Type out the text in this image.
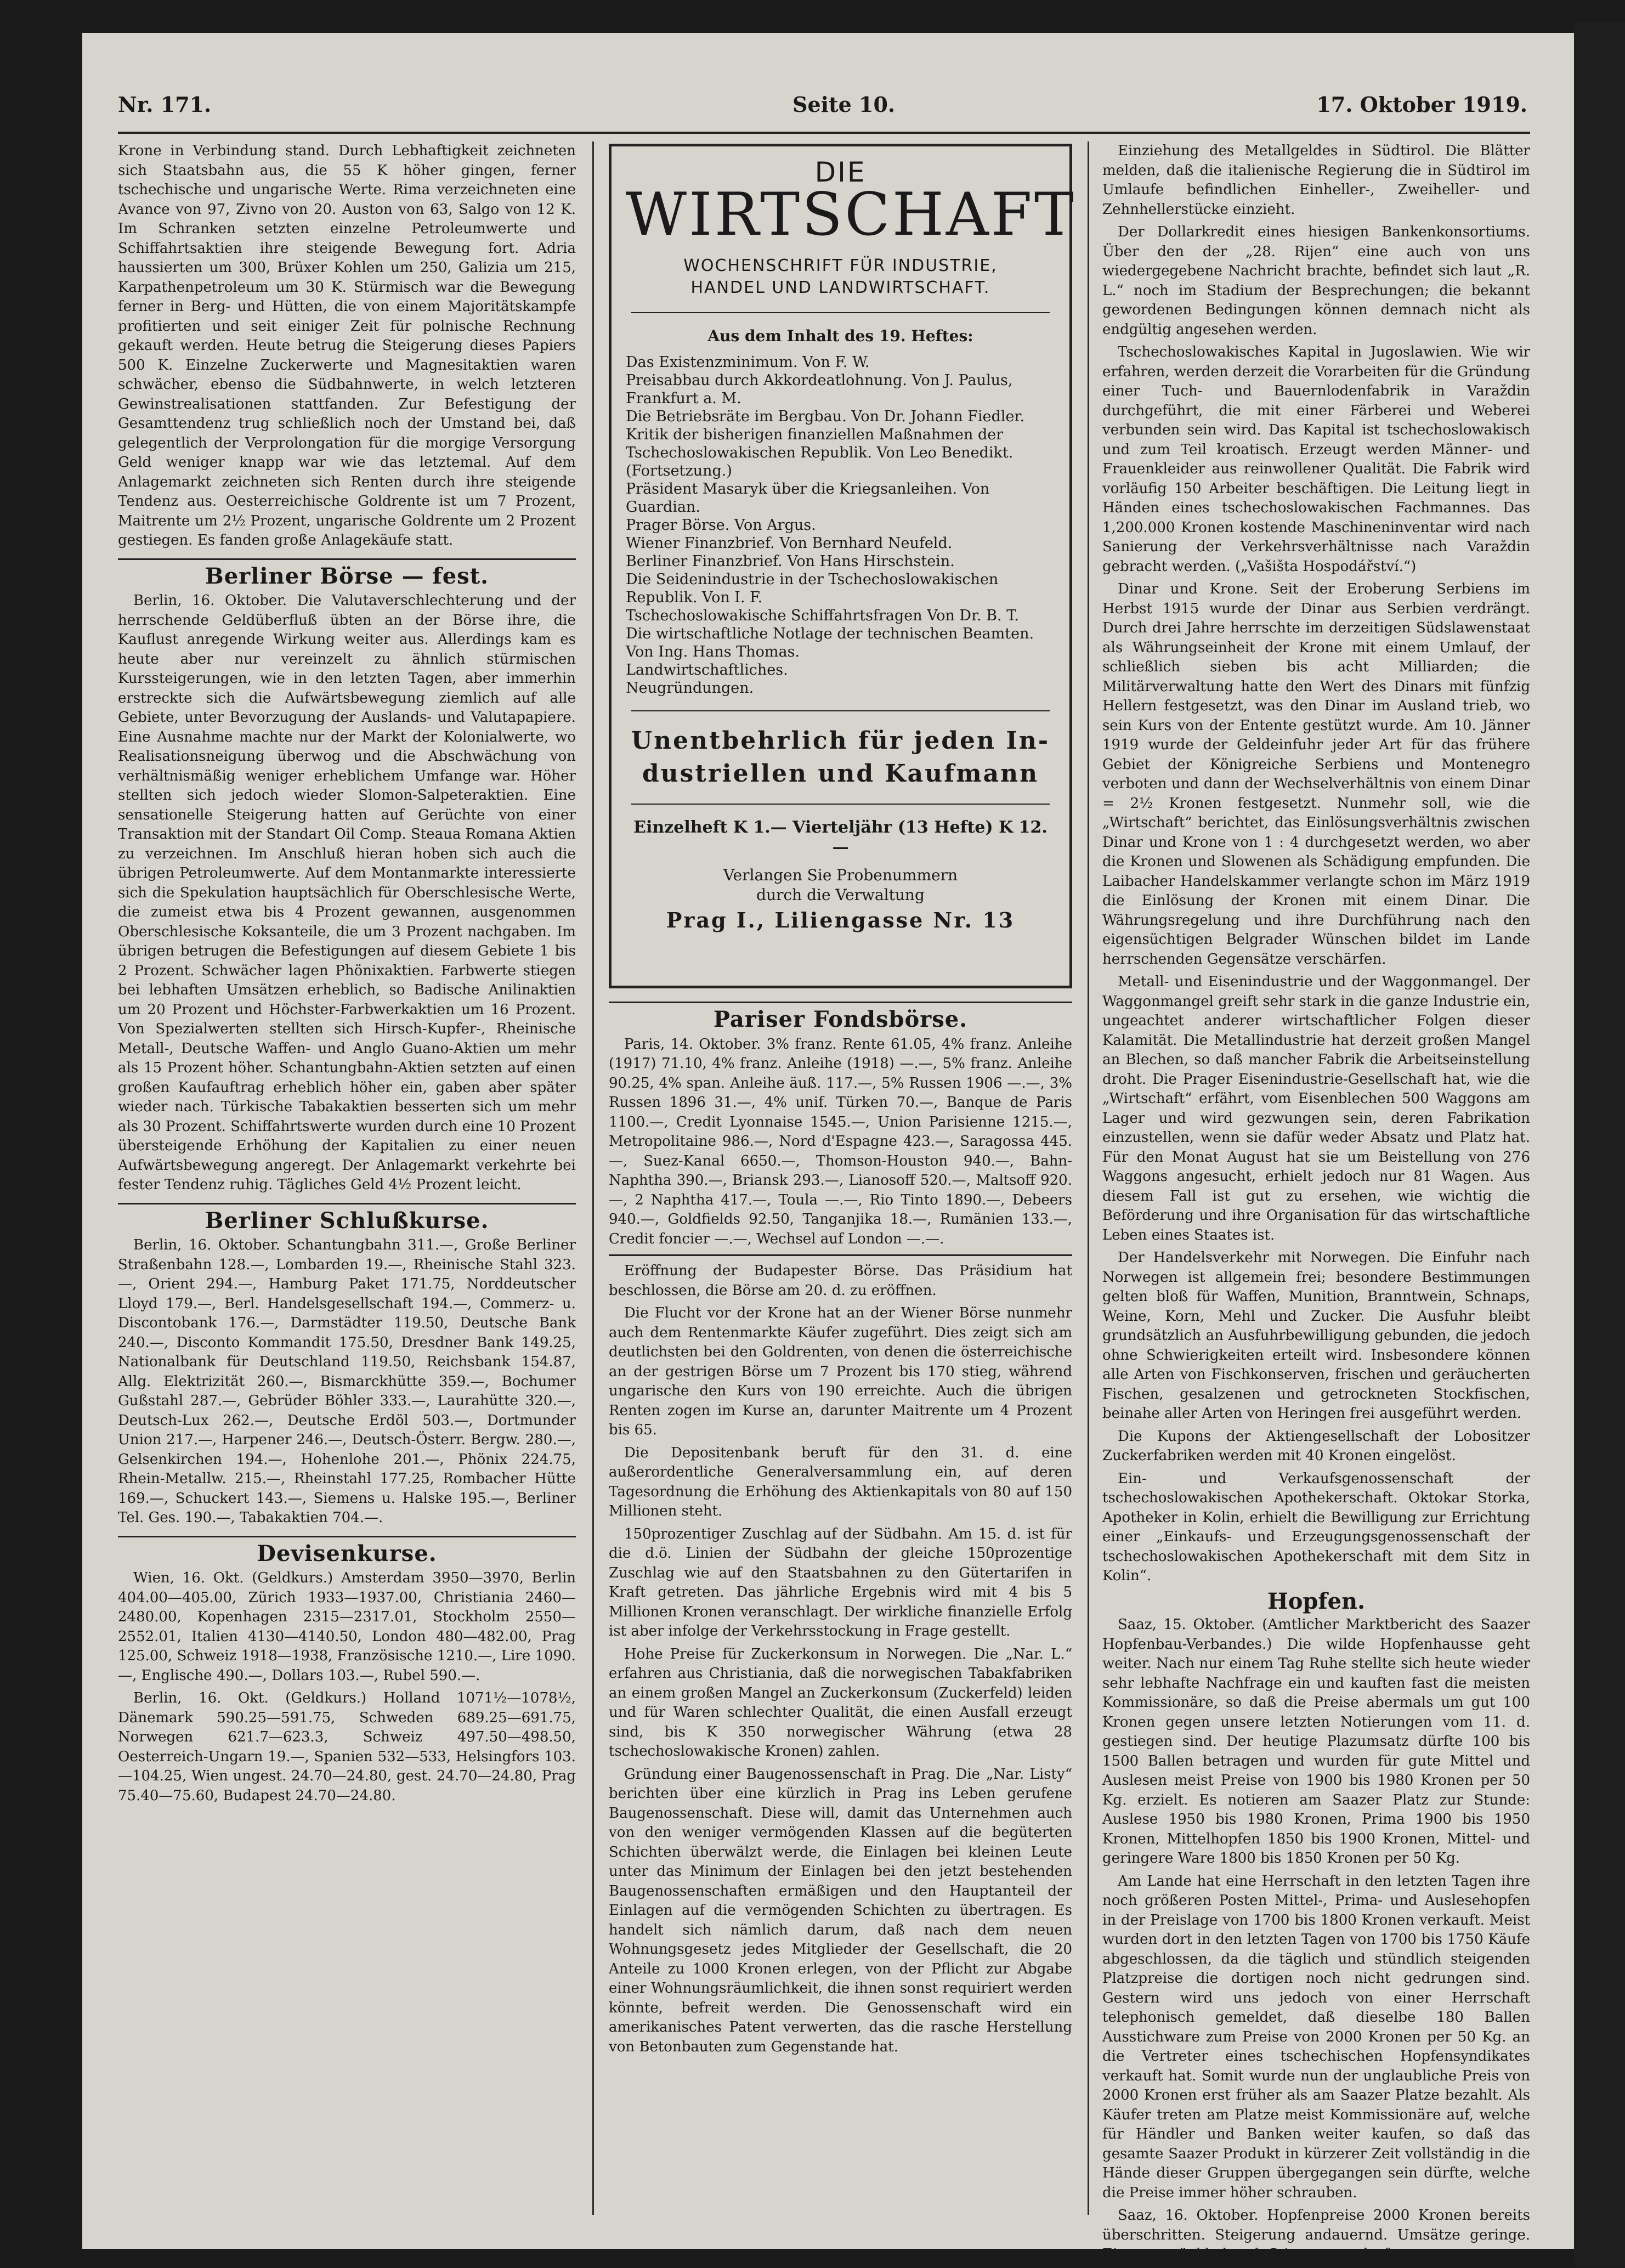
Nr. 171.	Seite 10.	17. Oktober 1919.

Krone in Verbindung stand. Durch Lebhaftigkeit zeichneten sich Staatsbahn aus, die 55 K höher gingen, ferner tschechische und ungarische Werte. Rima verzeichneten eine Avance von 97, Zivno von 20. Auston von 63, Salgo von 12 K. Im Schranken setzten einzelne Petroleumwerte und Schiffahrtsaktien ihre steigende Bewegung fort. Adria haussierten um 300, Brüxer Kohlen um 250, Galizia um 215, Karpathenpetroleum um 30 K. Stürmisch war die Bewegung ferner in Berg- und Hütten, die von einem Majoritätskampfe profitierten und seit einiger Zeit für polnische Rechnung gekauft werden. Heute betrug die Steigerung dieses Papiers 500 K. Einzelne Zuckerwerte und Magnesitaktien waren schwächer, ebenso die Südbahnwerte, in welch letzteren Gewinstrealisationen stattfanden. Zur Befestigung der Gesamttendenz trug schließlich noch der Umstand bei, daß gelegentlich der Verprolongation für die morgige Versorgung Geld weniger knapp war wie das letztemal. Auf dem Anlagemarkt zeichneten sich Renten durch ihre steigende Tendenz aus. Oesterreichische Goldrente ist um 7 Prozent, Maitrente um 2½ Prozent, ungarische Goldrente um 2 Prozent gestiegen. Es fanden große Anlagekäufe statt.

Berliner Börse — fest.

Berlin, 16. Oktober. Die Valutaverschlechterung und der herrschende Geldüberfluß übten an der Börse ihre, die Kauflust anregende Wirkung weiter aus. Allerdings kam es heute aber nur vereinzelt zu ähnlich stürmischen Kurssteigerungen, wie in den letzten Tagen, aber immerhin erstreckte sich die Aufwärtsbewegung ziemlich auf alle Gebiete, unter Bevorzugung der Auslands- und Valutapapiere. Eine Ausnahme machte nur der Markt der Kolonialwerte, wo Realisationsneigung überwog und die Abschwächung von verhältnismäßig weniger erheblichem Umfange war. Höher stellten sich jedoch wieder Slomon-Salpeteraktien. Eine sensationelle Steigerung hatten auf Gerüchte von einer Transaktion mit der Standart Oil Comp. Steaua Romana Aktien zu verzeichnen. Im Anschluß hieran hoben sich auch die übrigen Petroleumwerte. Auf dem Montanmarkte interessierte sich die Spekulation hauptsächlich für Oberschlesische Werte, die zumeist etwa bis 4 Prozent gewannen, ausgenommen Oberschlesische Koksanteile, die um 3 Prozent nachgaben. Im übrigen betrugen die Befestigungen auf diesem Gebiete 1 bis 2 Prozent. Schwächer lagen Phönixaktien. Farbwerte stiegen bei lebhaften Umsätzen erheblich, so Badische Anilinaktien um 20 Prozent und Höchster-Farbwerkaktien um 16 Prozent. Von Spezialwerten stellten sich Hirsch-Kupfer-, Rheinische Metall-, Deutsche Waffen- und Anglo Guano-Aktien um mehr als 15 Prozent höher. Schantungbahn-Aktien setzten auf einen großen Kaufauftrag erheblich höher ein, gaben aber später wieder nach. Türkische Tabakaktien besserten sich um mehr als 30 Prozent. Schiffahrtswerte wurden durch eine 10 Prozent übersteigende Erhöhung der Kapitalien zu einer neuen Aufwärtsbewegung angeregt. Der Anlagemarkt verkehrte bei fester Tendenz ruhig. Tägliches Geld 4½ Prozent leicht.

Berliner Schlußkurse.

Berlin, 16. Oktober. Schantungbahn 311.—, Große Berliner Straßenbahn 128.—, Lombarden 19.—, Rheinische Stahl 323.—, Orient 294.—, Hamburg Paket 171.75, Norddeutscher Lloyd 179.—, Berl. Handelsgesellschaft 194.—, Commerz- u. Discontobank 176.—, Darmstädter 119.50, Deutsche Bank 240.—, Disconto Kommandit 175.50, Dresdner Bank 149.25, Nationalbank für Deutschland 119.50, Reichsbank 154.87, Allg. Elektrizität 260.—, Bismarckhütte 359.—, Bochumer Gußstahl 287.—, Gebrüder Böhler 333.—, Laurahütte 320.—, Deutsch-Lux 262.—, Deutsche Erdöl 503.—, Dortmunder Union 217.—, Harpener 246.—, Deutsch-Österr. Bergw. 280.—, Gelsenkirchen 194.—, Hohenlohe 201.—, Phönix 224.75, Rhein-Metallw. 215.—, Rheinstahl 177.25, Rombacher Hütte 169.—, Schuckert 143.—, Siemens u. Halske 195.—, Berliner Tel. Ges. 190.—, Tabakaktien 704.—.

Devisenkurse.

Wien, 16. Okt. (Geldkurs.) Amsterdam 3950—3970, Berlin 404.00—405.00, Zürich 1933—1937.00, Christiania 2460—2480.00, Kopenhagen 2315—2317.01, Stockholm 2550—2552.01, Italien 4130—4140.50, London 480—482.00, Prag 125.00, Schweiz 1918—1938, Französische 1210.—, Lire 1090.—, Englische 490.—, Dollars 103.—, Rubel 590.—.

Berlin, 16. Okt. (Geldkurs.) Holland 1071½—1078½, Dänemark 590.25—591.75, Schweden 689.25—691.75, Norwegen 621.7—623.3, Schweiz 497.50—498.50, Oesterreich-Ungarn 19.—, Spanien 532—533, Helsingfors 103.—104.25, Wien ungest. 24.70—24.80, gest. 24.70—24.80, Prag 75.40—75.60, Budapest 24.70—24.80.

DIE
WIRTSCHAFT
WOCHENSCHRIFT FÜR INDUSTRIE,
HANDEL UND LANDWIRTSCHAFT.
Aus dem Inhalt des 19. Heftes:
Das Existenzminimum. Von F. W.
Preisabbau durch Akkordeatlohnung. Von J. Paulus, Frankfurt a. M.
Die Betriebsräte im Bergbau. Von Dr. Johann Fiedler.
Kritik der bisherigen finanziellen Maßnahmen der Tschechoslowakischen Republik. Von Leo Benedikt. (Fortsetzung.)
Präsident Masaryk über die Kriegsanleihen. Von Guardian.
Prager Börse. Von Argus.
Wiener Finanzbrief. Von Bernhard Neufeld.
Berliner Finanzbrief. Von Hans Hirschstein.
Die Seidenindustrie in der Tschechoslowakischen Republik. Von I. F.
Tschechoslowakische Schiffahrtsfragen Von Dr. B. T.
Die wirtschaftliche Notlage der technischen Beamten. Von Ing. Hans Thomas.
Landwirtschaftliches.
Neugründungen.
Unentbehrlich für jeden In-
dustriellen und Kaufmann
Einzelheft K 1.— Vierteljähr (13 Hefte) K 12.—
Verlangen Sie Probenummern
durch die Verwaltung
Prag I., Liliengasse Nr. 13
Pariser Fondsbörse.

Paris, 14. Oktober. 3% franz. Rente 61.05, 4% franz. Anleihe (1917) 71.10, 4% franz. Anleihe (1918) —.—, 5% franz. Anleihe 90.25, 4% span. Anleihe äuß. 117.—, 5% Russen 1906 —.—, 3% Russen 1896 31.—, 4% unif. Türken 70.—, Banque de Paris 1100.—, Credit Lyonnaise 1545.—, Union Parisienne 1215.—, Metropolitaine 986.—, Nord d'Espagne 423.—, Saragossa 445.—, Suez-Kanal 6650.—, Thomson-Houston 940.—, Bahn-Naphtha 390.—, Briansk 293.—, Lianosoff 520.—, Maltsoff 920.—, 2 Naphtha 417.—, Toula —.—, Rio Tinto 1890.—, Debeers 940.—, Goldfields 92.50, Tanganjika 18.—, Rumänien 133.—, Credit foncier —.—, Wechsel auf London —.—.

Eröffnung der Budapester Börse. Das Präsidium hat beschlossen, die Börse am 20. d. zu eröffnen.

Die Flucht vor der Krone hat an der Wiener Börse nunmehr auch dem Rentenmarkte Käufer zugeführt. Dies zeigt sich am deutlichsten bei den Goldrenten, von denen die österreichische an der gestrigen Börse um 7 Prozent bis 170 stieg, während ungarische den Kurs von 190 erreichte. Auch die übrigen Renten zogen im Kurse an, darunter Maitrente um 4 Prozent bis 65.

Die Depositenbank beruft für den 31. d. eine außerordentliche Generalversammlung ein, auf deren Tagesordnung die Erhöhung des Aktienkapitals von 80 auf 150 Millionen steht.

150prozentiger Zuschlag auf der Südbahn. Am 15. d. ist für die d.ö. Linien der Südbahn der gleiche 150prozentige Zuschlag wie auf den Staatsbahnen zu den Gütertarifen in Kraft getreten. Das jährliche Ergebnis wird mit 4 bis 5 Millionen Kronen veranschlagt. Der wirkliche finanzielle Erfolg ist aber infolge der Verkehrsstockung in Frage gestellt.

Hohe Preise für Zuckerkonsum in Norwegen. Die „Nar. L.“ erfahren aus Christiania, daß die norwegischen Tabakfabriken an einem großen Mangel an Zuckerkonsum (Zuckerfeld) leiden und für Waren schlechter Qualität, die einen Ausfall erzeugt sind, bis K 350 norwegischer Währung (etwa 28 tschechoslowakische Kronen) zahlen.

Gründung einer Baugenossenschaft in Prag. Die „Nar. Listy“ berichten über eine kürzlich in Prag ins Leben gerufene Baugenossenschaft. Diese will, damit das Unternehmen auch von den weniger vermögenden Klassen auf die begüterten Schichten überwälzt werde, die Einlagen bei kleinen Leute unter das Minimum der Einlagen bei den jetzt bestehenden Baugenossenschaften ermäßigen und den Hauptanteil der Einlagen auf die vermögenden Schichten zu übertragen. Es handelt sich nämlich darum, daß nach dem neuen Wohnungsgesetz jedes Mitglieder der Gesellschaft, die 20 Anteile zu 1000 Kronen erlegen, von der Pflicht zur Abgabe einer Wohnungsräumlichkeit, die ihnen sonst requiriert werden könnte, befreit werden. Die Genossenschaft wird ein amerikanisches Patent verwerten, das die rasche Herstellung von Betonbauten zum Gegenstande hat.

Einziehung des Metallgeldes in Südtirol. Die Blätter melden, daß die italienische Regierung die in Südtirol im Umlaufe befindlichen Einheller-, Zweiheller- und Zehnhellerstücke einzieht.

Der Dollarkredit eines hiesigen Bankenkonsortiums. Über den der „28. Rijen“ eine auch von uns wiedergegebene Nachricht brachte, befindet sich laut „R. L.“ noch im Stadium der Besprechungen; die bekannt gewordenen Bedingungen können demnach nicht als endgültig angesehen werden.

Tschechoslowakisches Kapital in Jugoslawien. Wie wir erfahren, werden derzeit die Vorarbeiten für die Gründung einer Tuch- und Bauernlodenfabrik in Varaždin durchgeführt, die mit einer Färberei und Weberei verbunden sein wird. Das Kapital ist tschechoslowakisch und zum Teil kroatisch. Erzeugt werden Männer- und Frauenkleider aus reinwollener Qualität. Die Fabrik wird vorläufig 150 Arbeiter beschäftigen. Die Leitung liegt in Händen eines tschechoslowakischen Fachmannes. Das 1,200.000 Kronen kostende Maschineninventar wird nach Sanierung der Verkehrsverhältnisse nach Varaždin gebracht werden. („Vašišta Hospodářství.“)

Dinar und Krone. Seit der Eroberung Serbiens im Herbst 1915 wurde der Dinar aus Serbien verdrängt. Durch drei Jahre herrschte im derzeitigen Südslawenstaat als Währungseinheit der Krone mit einem Umlauf, der schließlich sieben bis acht Milliarden; die Militärverwaltung hatte den Wert des Dinars mit fünfzig Hellern festgesetzt, was den Dinar im Ausland trieb, wo sein Kurs von der Entente gestützt wurde. Am 10. Jänner 1919 wurde der Geldeinfuhr jeder Art für das frühere Gebiet der Königreiche Serbiens und Montenegro verboten und dann der Wechselverhältnis von einem Dinar = 2½ Kronen festgesetzt. Nunmehr soll, wie die „Wirtschaft“ berichtet, das Einlösungsverhältnis zwischen Dinar und Krone von 1 : 4 durchgesetzt werden, wo aber die Kronen und Slowenen als Schädigung empfunden. Die Laibacher Handelskammer verlangte schon im März 1919 die Einlösung der Kronen mit einem Dinar. Die Währungsregelung und ihre Durchführung nach den eigensüchtigen Belgrader Wünschen bildet im Lande herrschenden Gegensätze verschärfen.

Metall- und Eisenindustrie und der Waggonmangel. Der Waggonmangel greift sehr stark in die ganze Industrie ein, ungeachtet anderer wirtschaftlicher Folgen dieser Kalamität. Die Metallindustrie hat derzeit großen Mangel an Blechen, so daß mancher Fabrik die Arbeitseinstellung droht. Die Prager Eisenindustrie-Gesellschaft hat, wie die „Wirtschaft“ erfährt, vom Eisenblechen 500 Waggons am Lager und wird gezwungen sein, deren Fabrikation einzustellen, wenn sie dafür weder Absatz und Platz hat. Für den Monat August hat sie um Beistellung von 276 Waggons angesucht, erhielt jedoch nur 81 Wagen. Aus diesem Fall ist gut zu ersehen, wie wichtig die Beförderung und ihre Organisation für das wirtschaftliche Leben eines Staates ist.

Der Handelsverkehr mit Norwegen. Die Einfuhr nach Norwegen ist allgemein frei; besondere Bestimmungen gelten bloß für Waffen, Munition, Branntwein, Schnaps, Weine, Korn, Mehl und Zucker. Die Ausfuhr bleibt grundsätzlich an Ausfuhrbewilligung gebunden, die jedoch ohne Schwierigkeiten erteilt wird. Insbesondere können alle Arten von Fischkonserven, frischen und geräucherten Fischen, gesalzenen und getrockneten Stockfischen, beinahe aller Arten von Heringen frei ausgeführt werden.

Die Kupons der Aktiengesellschaft der Lobositzer Zuckerfabriken werden mit 40 Kronen eingelöst.

Ein- und Verkaufsgenossenschaft der tschechoslowakischen Apothekerschaft. Oktokar Storka, Apotheker in Kolin, erhielt die Bewilligung zur Errichtung einer „Einkaufs- und Erzeugungsgenossenschaft der tschechoslowakischen Apothekerschaft mit dem Sitz in Kolin“.

Hopfen.

Saaz, 15. Oktober. (Amtlicher Marktbericht des Saazer Hopfenbau-Verbandes.) Die wilde Hopfenhausse geht weiter. Nach nur einem Tag Ruhe stellte sich heute wieder sehr lebhafte Nachfrage ein und kauften fast die meisten Kommissionäre, so daß die Preise abermals um gut 100 Kronen gegen unsere letzten Notierungen vom 11. d. gestiegen sind. Der heutige Plazumsatz dürfte 100 bis 1500 Ballen betragen und wurden für gute Mittel und Auslesen meist Preise von 1900 bis 1980 Kronen per 50 Kg. erzielt. Es notieren am Saazer Platz zur Stunde: Auslese 1950 bis 1980 Kronen, Prima 1900 bis 1950 Kronen, Mittelhopfen 1850 bis 1900 Kronen, Mittel- und geringere Ware 1800 bis 1850 Kronen per 50 Kg.

Am Lande hat eine Herrschaft in den letzten Tagen ihre noch größeren Posten Mittel-, Prima- und Auslesehopfen in der Preislage von 1700 bis 1800 Kronen verkauft. Meist wurden dort in den letzten Tagen von 1700 bis 1750 Käufe abgeschlossen, da die täglich und stündlich steigenden Platzpreise die dortigen noch nicht gedrungen sind. Gestern wird uns jedoch von einer Herrschaft telephonisch gemeldet, daß dieselbe 180 Ballen Ausstichware zum Preise von 2000 Kronen per 50 Kg. an die Vertreter eines tschechischen Hopfensyndikates verkauft hat. Somit wurde nun der unglaubliche Preis von 2000 Kronen erst früher als am Saazer Platze bezahlt. Als Käufer treten am Platze meist Kommissionäre auf, welche für Händler und Banken weiter kaufen, so daß das gesamte Saazer Produkt in kürzerer Zeit vollständig in die Hände dieser Gruppen übergegangen sein dürfte, welche die Preise immer höher schrauben.

Saaz, 16. Oktober. Hopfenpreise 2000 Kronen bereits überschritten. Steigerung andauernd. Umsätze geringe. Eigner zurückhaltend. Stimmung sehr fest.
